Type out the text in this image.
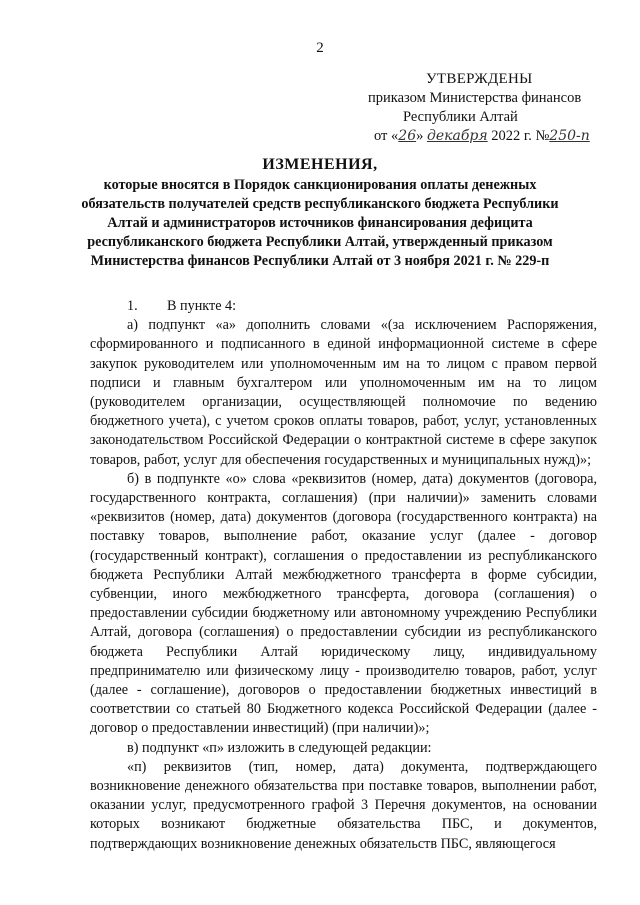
2
УТВЕРЖДЕНЫ
приказом Министерства финансов
Республики Алтай
от «26» декабря 2022 г. №250-п
ИЗМЕНЕНИЯ,
которые вносятся в Порядок санкционирования оплаты денежных обязательств получателей средств республиканского бюджета Республики Алтай и администраторов источников финансирования дефицита республиканского бюджета Республики Алтай, утвержденный приказом Министерства финансов Республики Алтай от 3 ноября 2021 г. № 229-п

1. В пункте 4:

а) подпункт «а» дополнить словами «(за исключением Распоряжения, сформированного и подписанного в единой информационной системе в сфере закупок руководителем или уполномоченным им на то лицом с правом первой подписи и главным бухгалтером или уполномоченным им на то лицом (руководителем организации, осуществляющей полномочие по ведению бюджетного учета), с учетом сроков оплаты товаров, работ, услуг, установленных законодательством Российской Федерации о контрактной системе в сфере закупок товаров, работ, услуг для обеспечения государственных и муниципальных нужд)»;

б) в подпункте «о» слова «реквизитов (номер, дата) документов (договора, государственного контракта, соглашения) (при наличии)» заменить словами «реквизитов (номер, дата) документов (договора (государственного контракта) на поставку товаров, выполнение работ, оказание услуг (далее - договор (государственный контракт), соглашения о предоставлении из республиканского бюджета Республики Алтай межбюджетного трансферта в форме субсидии, субвенции, иного межбюджетного трансферта, договора (соглашения) о предоставлении субсидии бюджетному или автономному учреждению Республики Алтай, договора (соглашения) о предоставлении субсидии из республиканского бюджета Республики Алтай юридическому лицу, индивидуальному предпринимателю или физическому лицу - производителю товаров, работ, услуг (далее - соглашение), договоров о предоставлении бюджетных инвестиций в соответствии со статьей 80 Бюджетного кодекса Российской Федерации (далее - договор о предоставлении инвестиций) (при наличии)»;

в) подпункт «п» изложить в следующей редакции:

«п) реквизитов (тип, номер, дата) документа, подтверждающего возникновение денежного обязательства при поставке товаров, выполнении работ, оказании услуг, предусмотренного графой 3 Перечня документов, на основании которых возникают бюджетные обязательства ПБС, и документов, подтверждающих возникновение денежных обязательств ПБС, являющегося
